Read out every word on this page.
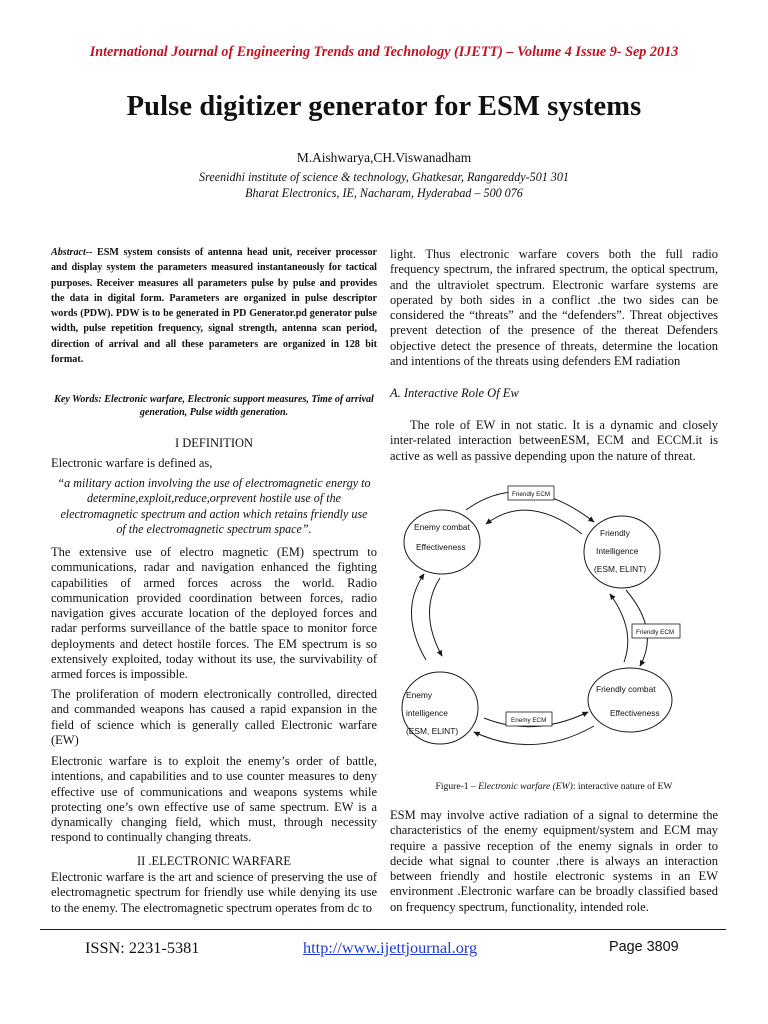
International Journal of Engineering Trends and Technology (IJETT) – Volume 4 Issue 9- Sep 2013
Pulse digitizer generator for ESM systems
M.Aishwarya,CH.Viswanadham
Sreenidhi institute of science & technology, Ghatkesar, Rangareddy-501 301
Bharat Electronics, IE, Nacharam, Hyderabad – 500 076

Abstract-- ESM system consists of antenna head unit, receiver processor and display system the parameters measured instantaneously for tactical purposes. Receiver measures all parameters pulse by pulse and provides the data in digital form. Parameters are organized in pulse descriptor words (PDW). PDW is to be generated in PD Generator.pd generator pulse width, pulse repetition frequency, signal strength, antenna scan period, direction of arrival and all these parameters are organized in 128 bit format.

Key Words: Electronic warfare, Electronic support measures, Time of arrival generation, Pulse width generation.
I DEFINITION
Electronic warfare is defined as,
“a military action involving the use of electromagnetic energy to determine,exploit,reduce,orprevent hostile use of the electromagnetic spectrum and action which retains friendly use of the electromagnetic spectrum space”.

The extensive use of electro magnetic (EM) spectrum to communications, radar and navigation enhanced the fighting capabilities of armed forces across the world. Radio communication provided coordination between forces, radio navigation gives accurate location of the deployed forces and radar performs surveillance of the battle space to monitor force deployments and detect hostile forces. The EM spectrum is so extensively exploited, today without its use, the survivability of armed forces is impossible.

The proliferation of modern electronically controlled, directed and commanded weapons has caused a rapid expansion in the field of science which is generally called Electronic warfare (EW)

Electronic warfare is to exploit the enemy’s order of battle, intentions, and capabilities and to use counter measures to deny effective use of communications and weapons systems while protecting one’s own effective use of same spectrum. EW is a dynamically changing field, which must, through necessity respond to continually changing threats.

II .ELECTRONIC WARFARE

Electronic warfare is the art and science of preserving the use of electromagnetic spectrum for friendly use while denying its use to the enemy. The electromagnetic spectrum operates from dc to

light. Thus electronic warfare covers both the full radio frequency spectrum, the infrared spectrum, the optical spectrum, and the ultraviolet spectrum. Electronic warfare systems are operated by both sides in a conflict .the two sides can be considered the “threats” and the “defenders”. Threat objectives prevent detection of the presence of the thereat Defenders objective detect the presence of threats, determine the location and intentions of the threats using defenders EM radiation

A. Interactive Role Of Ew

The role of EW in not static. It is a dynamic and closely inter-related interaction betweenESM, ECM and ECCM.it is active as well as passive depending upon the nature of threat.

Enemy combat
Effectiveness
Friendly
Intelligence
(ESM, ELINT)
Friendly combat
Effectiveness
Enemy
intelligence
(ESM, ELINT)
Friendly ECM
Friendly ECM
Enemy ECM
Figure-1 – Electronic warfare (EW): interactive nature of EW

ESM may involve active radiation of a signal to determine the characteristics of the enemy equipment/system and ECM may require a passive reception of the enemy signals in order to decide what signal to counter .there is always an interaction between friendly and hostile electronic systems in an EW environment .Electronic warfare can be broadly classified based on frequency spectrum, functionality, intended role.

ISSN: 2231-5381	http://www.ijettjournal.org	Page 3809
